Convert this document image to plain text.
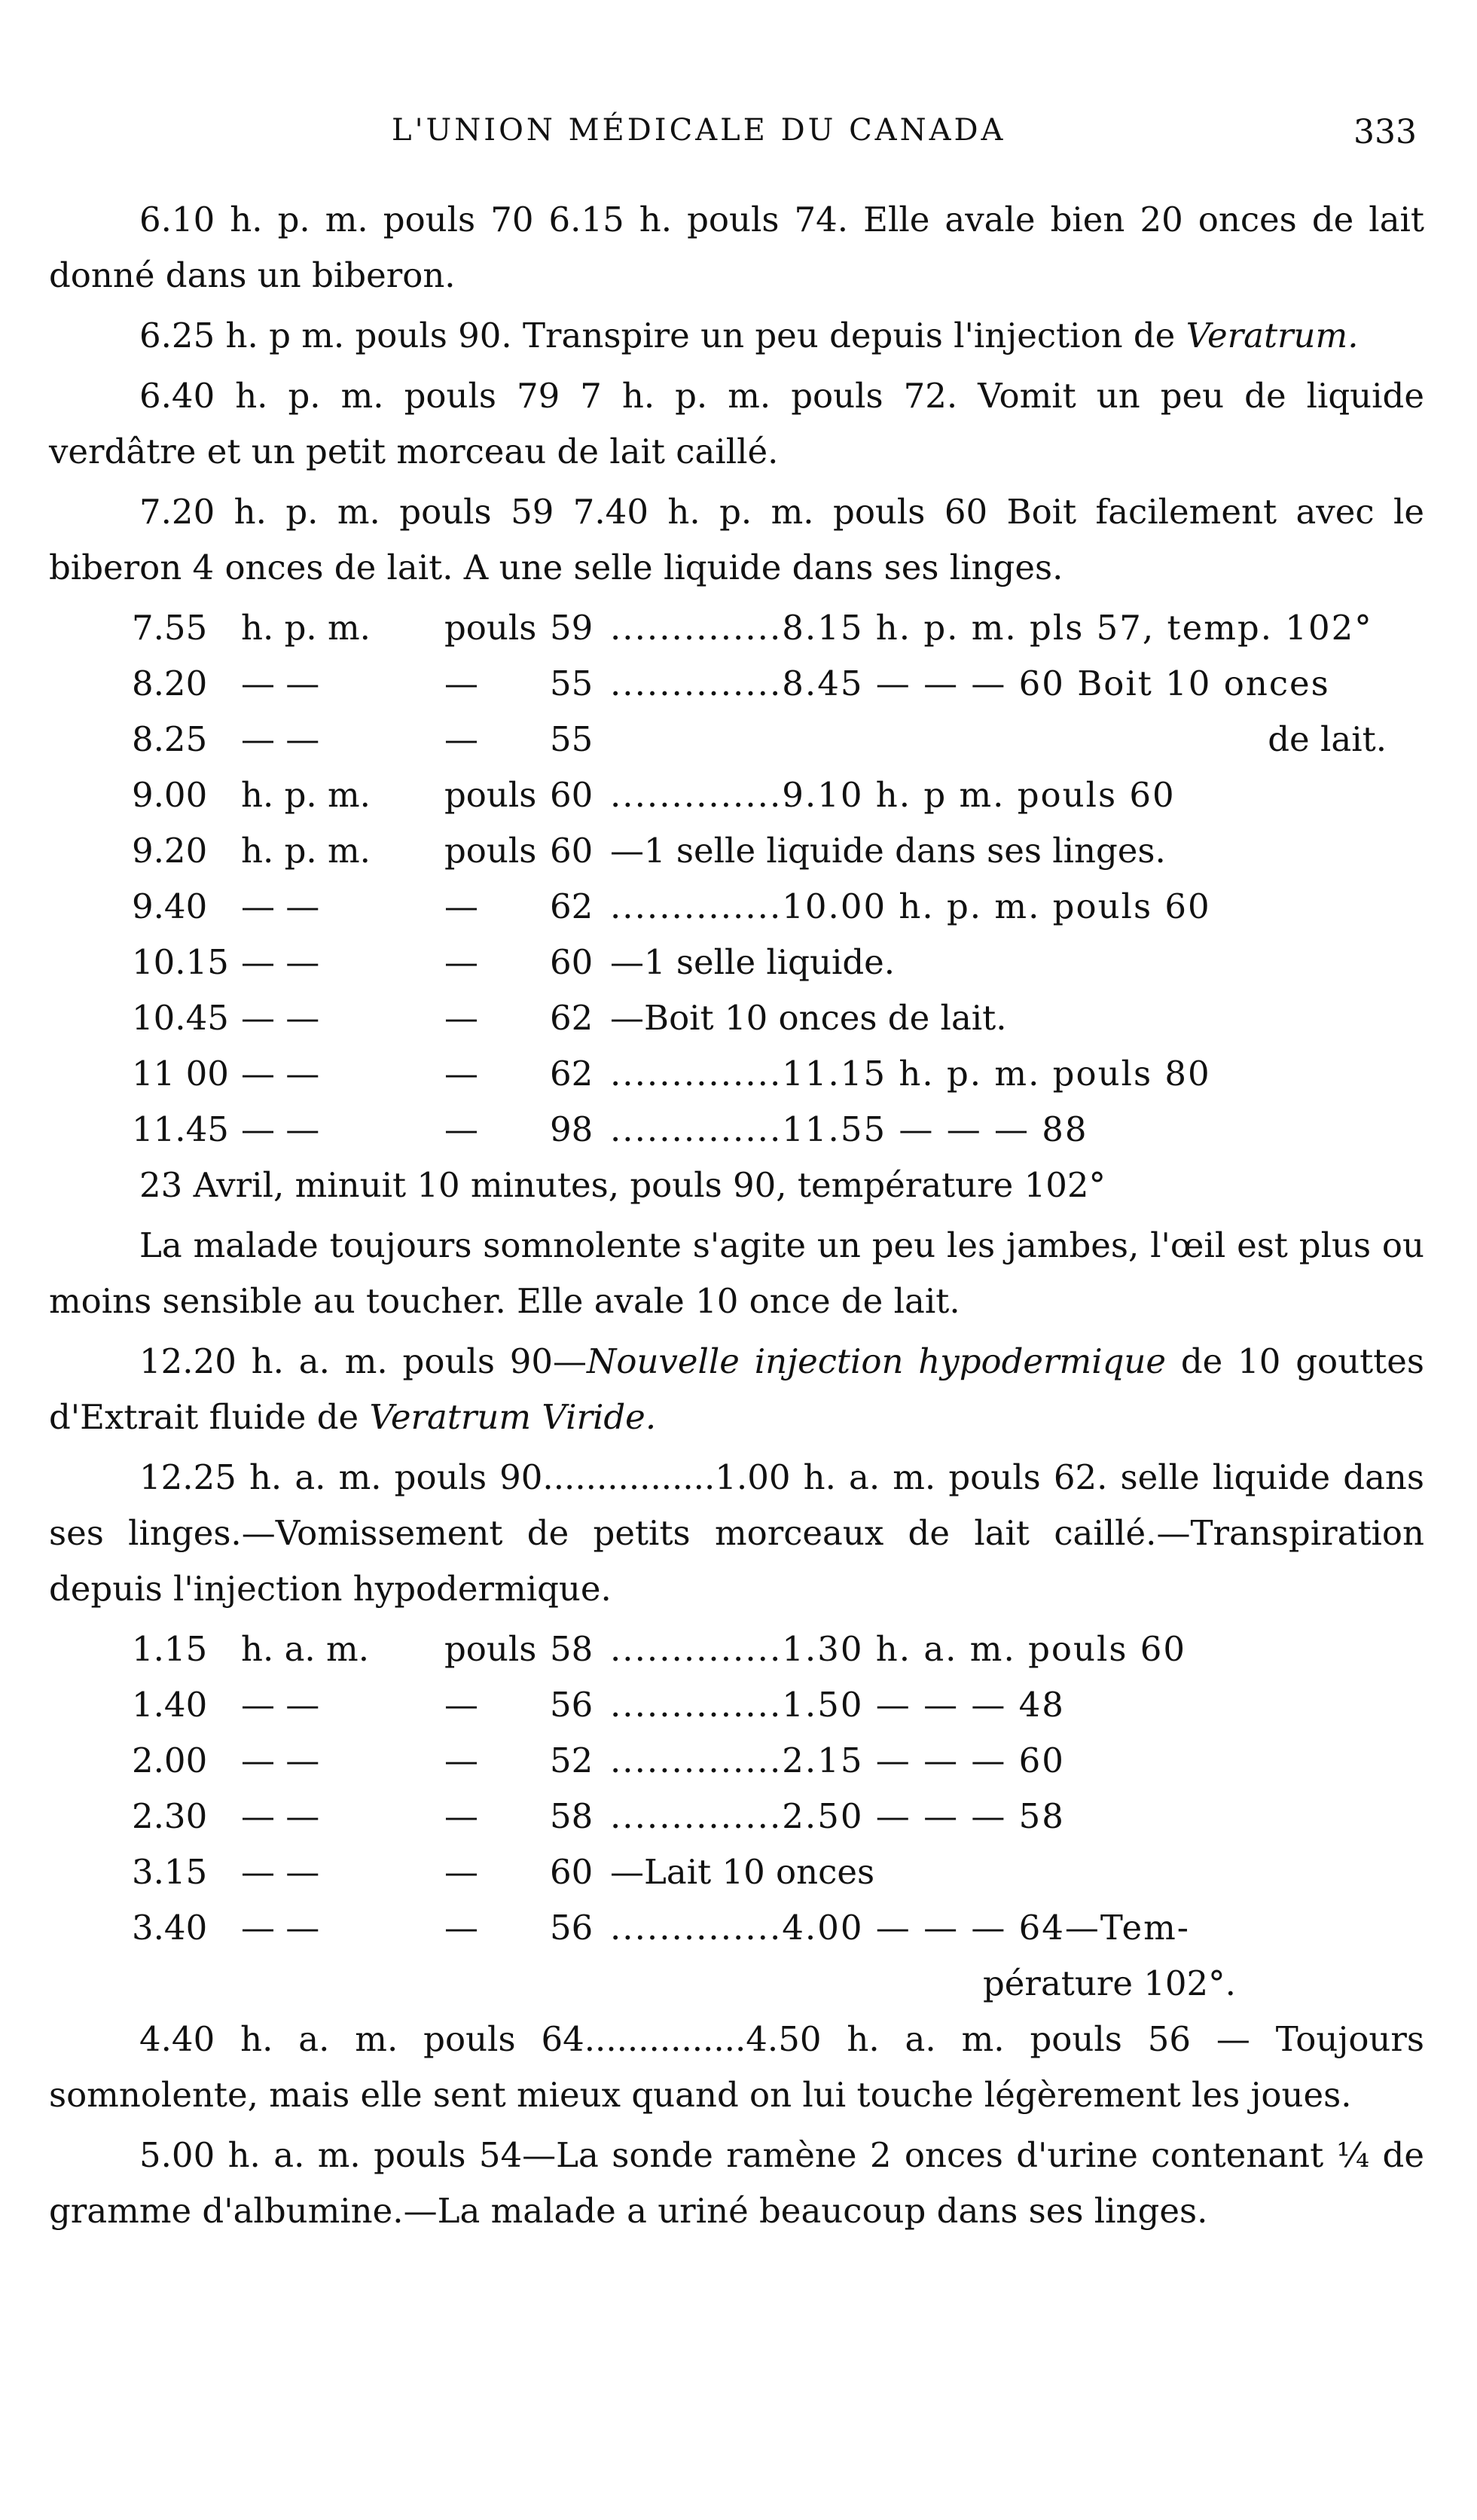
L'UNION MÉDICALE DU CANADA	333

6.10 h. p. m. pouls 70 6.15 h. pouls 74. Elle avale bien 20 onces de lait donné dans un biberon.

6.25 h. p m. pouls 90. Transpire un peu depuis l'injection de Veratrum.

6.40 h. p. m. pouls 79 7 h. p. m. pouls 72. Vomit un peu de liquide verdâtre et un petit morceau de lait caillé.

7.20 h. p. m. pouls 59 7.40 h. p. m. pouls 60 Boit facilement avec le biberon 4 onces de lait. A une selle liquide dans ses linges.

7.55 h. p. m.	pouls 59 ..............8.15 h. p. m. pls 57, temp. 102°
8.20 — —	—	55 ..............8.45 — — — 60 Boit 10 onces
8.25 — —	—	55	de lait.
9.00 h. p. m.	pouls 60 ..............9.10 h. p m. pouls 60
9.20 h. p. m.	pouls 60 —1 selle liquide dans ses linges.
9.40 — —	—	62 ..............10.00 h. p. m. pouls 60
10.15 — —	—	60 —1 selle liquide.
10.45 — —	—	62 —Boit 10 onces de lait.
11 00 — —	—	62 ..............11.15 h. p. m. pouls 80
11.45 — —	—	98 ..............11.55 — — — 88

23 Avril, minuit 10 minutes, pouls 90, température 102°

La malade toujours somnolente s'agite un peu les jambes, l'œil est plus ou moins sensible au toucher. Elle avale 10 once de lait.

12.20 h. a. m. pouls 90—Nouvelle injection hypodermique de 10 gouttes d'Extrait fluide de Veratrum Viride.

12.25 h. a. m. pouls 90................1.00 h. a. m. pouls 62. selle liquide dans ses linges.—Vomissement de petits morceaux de lait caillé.—Transpiration depuis l'injection hypodermique.

1.15 h. a. m.	pouls 58 ..............1.30 h. a. m. pouls 60
1.40 — —	—	56 ..............1.50 — — — 48
2.00 — —	—	52 ..............2.15 — — — 60
2.30 — —	—	58 ..............2.50 — — — 58
3.15 — —	—	60 —Lait 10 onces
3.40 — —	—	56 ..............4.00 — — — 64—Tem-
pérature 102°.

4.40 h. a. m. pouls 64...............4.50 h. a. m. pouls 56 — Toujours somnolente, mais elle sent mieux quand on lui touche légèrement les joues.

5.00 h. a. m. pouls 54—La sonde ramène 2 onces d'urine contenant ¼ de gramme d'albumine.—La malade a uriné beaucoup dans ses linges.
